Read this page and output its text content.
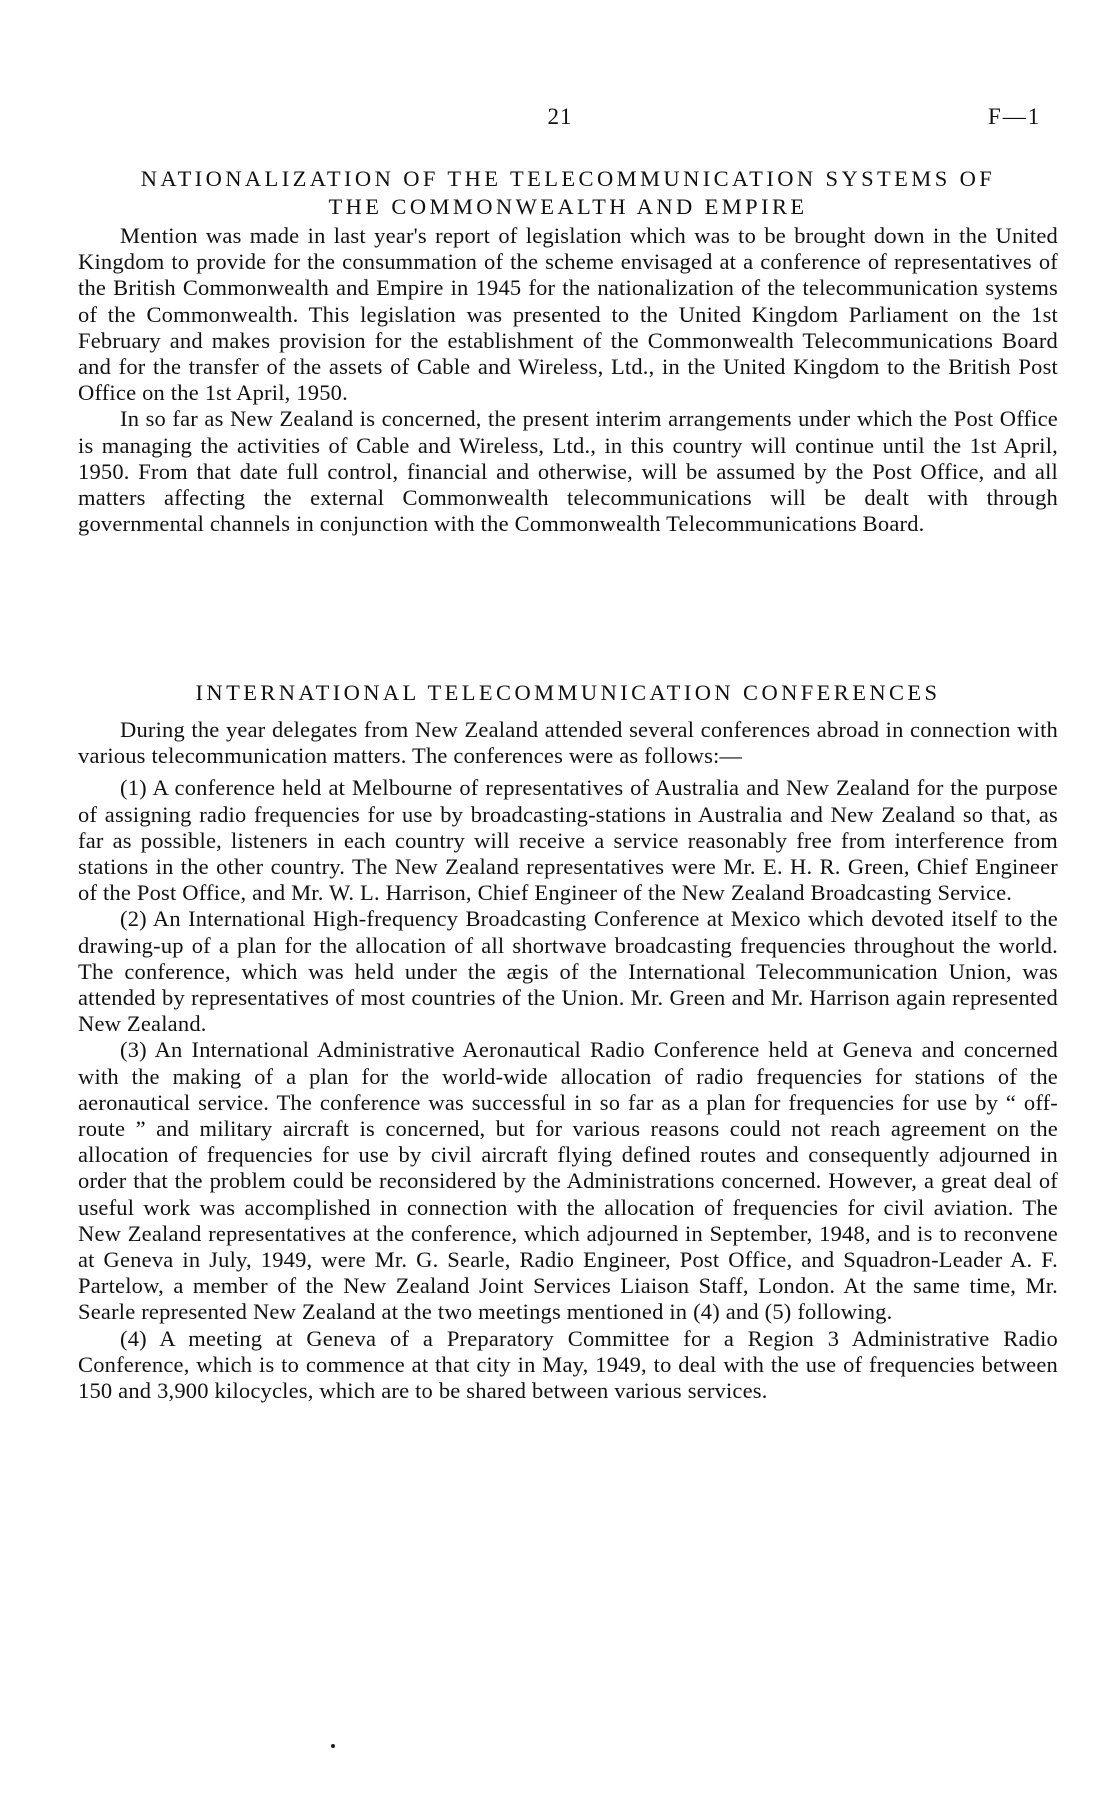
21	F—1
NATIONALIZATION OF THE TELECOMMUNICATION SYSTEMS OF
THE COMMONWEALTH AND EMPIRE

Mention was made in last year's report of legislation which was to be brought down in the United Kingdom to provide for the consummation of the scheme envisaged at a conference of representatives of the British Commonwealth and Empire in 1945 for the nationalization of the telecommunication systems of the Commonwealth. This legislation was presented to the United Kingdom Parliament on the 1st February and makes provision for the establishment of the Commonwealth Telecommunications Board and for the transfer of the assets of Cable and Wireless, Ltd., in the United Kingdom to the British Post Office on the 1st April, 1950.

In so far as New Zealand is concerned, the present interim arrangements under which the Post Office is managing the activities of Cable and Wireless, Ltd., in this country will continue until the 1st April, 1950. From that date full control, financial and otherwise, will be assumed by the Post Office, and all matters affecting the external Commonwealth telecommunications will be dealt with through governmental channels in conjunction with the Commonwealth Telecommunications Board.

INTERNATIONAL TELECOMMUNICATION CONFERENCES

During the year delegates from New Zealand attended several conferences abroad in connection with various telecommunication matters. The conferences were as follows:—

(1) A conference held at Melbourne of representatives of Australia and New Zealand for the purpose of assigning radio frequencies for use by broadcasting-stations in Australia and New Zealand so that, as far as possible, listeners in each country will receive a service reasonably free from interference from stations in the other country. The New Zealand representatives were Mr. E. H. R. Green, Chief Engineer of the Post Office, and Mr. W. L. Harrison, Chief Engineer of the New Zealand Broadcasting Service.

(2) An International High-frequency Broadcasting Conference at Mexico which devoted itself to the drawing-up of a plan for the allocation of all shortwave broadcasting frequencies throughout the world. The conference, which was held under the ægis of the International Telecommunication Union, was attended by representatives of most countries of the Union. Mr. Green and Mr. Harrison again represented New Zealand.

(3) An International Administrative Aeronautical Radio Conference held at Geneva and concerned with the making of a plan for the world-wide allocation of radio frequencies for stations of the aeronautical service. The conference was successful in so far as a plan for frequencies for use by “ off-route ” and military aircraft is concerned, but for various reasons could not reach agreement on the allocation of frequencies for use by civil aircraft flying defined routes and consequently adjourned in order that the problem could be reconsidered by the Administrations concerned. However, a great deal of useful work was accomplished in connection with the allocation of frequencies for civil aviation. The New Zealand representatives at the conference, which adjourned in September, 1948, and is to reconvene at Geneva in July, 1949, were Mr. G. Searle, Radio Engineer, Post Office, and Squadron-Leader A. F. Partelow, a member of the New Zealand Joint Services Liaison Staff, London. At the same time, Mr. Searle represented New Zealand at the two meetings mentioned in (4) and (5) following.

(4) A meeting at Geneva of a Preparatory Committee for a Region 3 Administrative Radio Conference, which is to commence at that city in May, 1949, to deal with the use of frequencies between 150 and 3,900 kilocycles, which are to be shared between various services.
